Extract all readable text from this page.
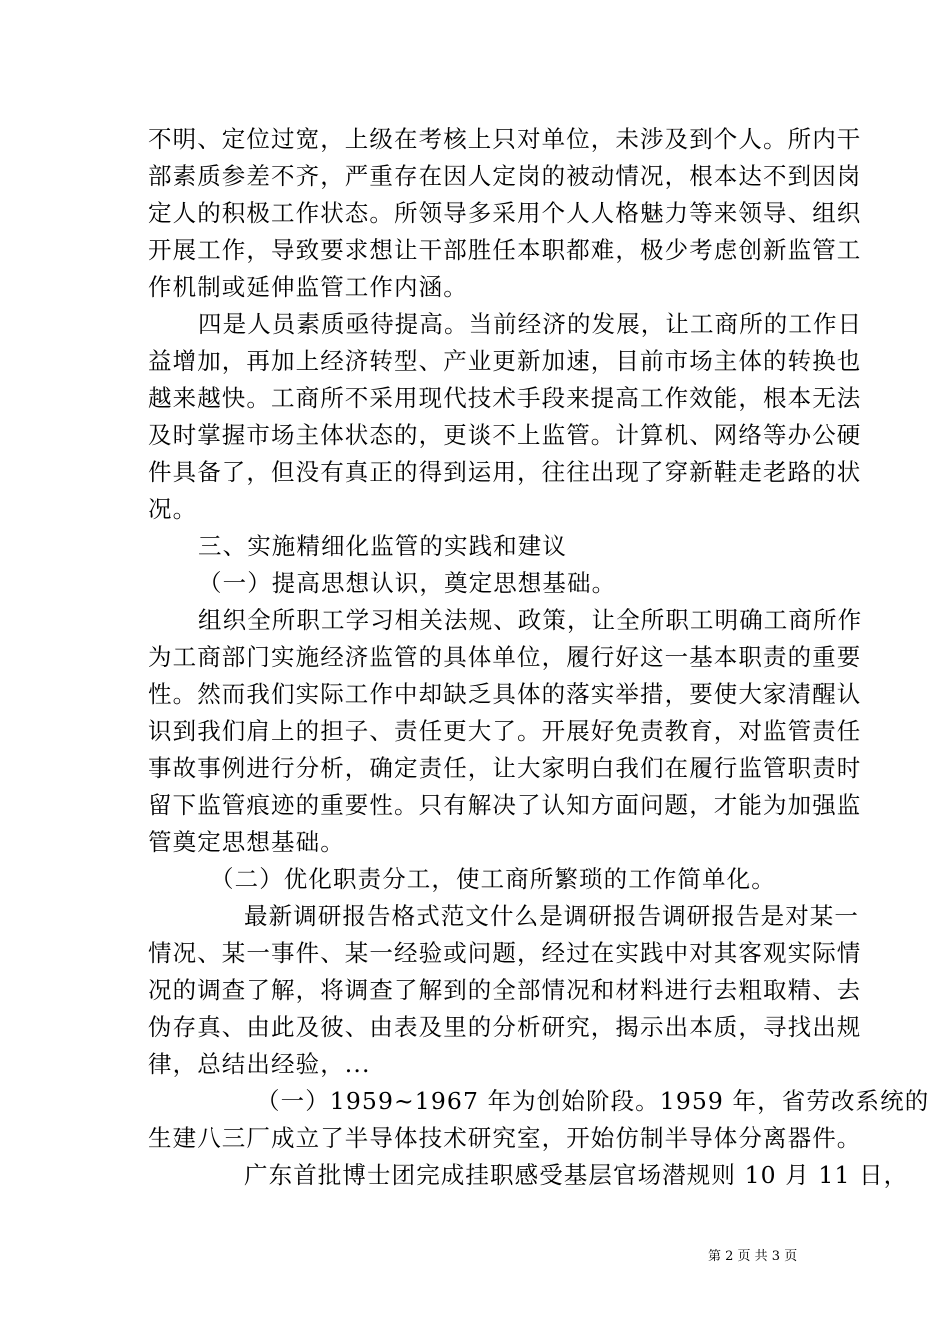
不明、定位过宽，上级在考核上只对单位，未涉及到个人。所内干
部素质参差不齐，严重存在因人定岗的被动情况，根本达不到因岗
定人的积极工作状态。所领导多采用个人人格魅力等来领导、组织
开展工作，导致要求想让干部胜任本职都难，极少考虑创新监管工
作机制或延伸监管工作内涵。
四是人员素质亟待提高。当前经济的发展，让工商所的工作日
益增加，再加上经济转型、产业更新加速，目前市场主体的转换也
越来越快。工商所不采用现代技术手段来提高工作效能，根本无法
及时掌握市场主体状态的，更谈不上监管。计算机、网络等办公硬
件具备了，但没有真正的得到运用，往往出现了穿新鞋走老路的状
况。
三、实施精细化监管的实践和建议
（一）提高思想认识，奠定思想基础。
组织全所职工学习相关法规、政策，让全所职工明确工商所作
为工商部门实施经济监管的具体单位，履行好这一基本职责的重要
性。然而我们实际工作中却缺乏具体的落实举措，要使大家清醒认
识到我们肩上的担子、责任更大了。开展好免责教育，对监管责任
事故事例进行分析，确定责任，让大家明白我们在履行监管职责时
留下监管痕迹的重要性。只有解决了认知方面问题，才能为加强监
管奠定思想基础。
（二）优化职责分工，使工商所繁琐的工作简单化。
最新调研报告格式范文什么是调研报告调研报告是对某一
情况、某一事件、某一经验或问题，经过在实践中对其客观实际情
况的调查了解，将调查了解到的全部情况和材料进行去粗取精、去
伪存真、由此及彼、由表及里的分析研究，揭示出本质，寻找出规
律，总结出经验，...
（一）1959~1967 年为创始阶段。1959 年，省劳改系统的
生建八三厂成立了半导体技术研究室，开始仿制半导体分离器件。
广东首批博士团完成挂职感受基层官场潜规则 10 月 11 日，
第 2 页 共 3 页
